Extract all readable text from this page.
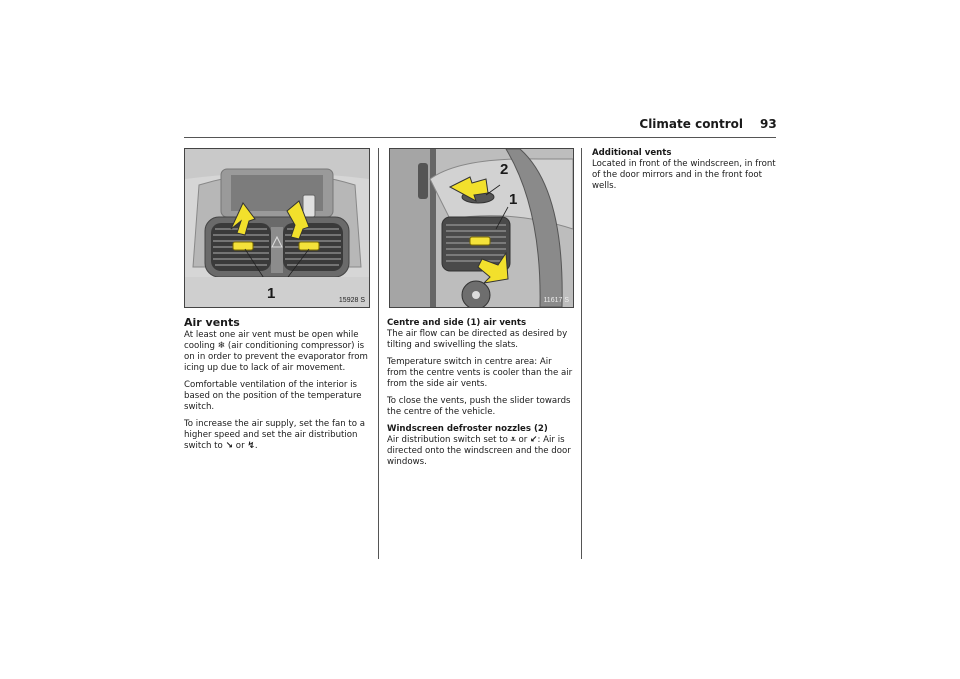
Climate control 93
1	15928 S
2
1
11617 S
Air vents

At least one air vent must be open while cooling ❄ (air conditioning compressor) is on in order to prevent the evaporator from icing up due to lack of air movement.

Comfortable ventilation of the interior is based on the position of the temperature switch.

To increase the air supply, set the fan to a higher speed and set the air distribution switch to ↘ or ↯.

Centre and side (1) air vents

The air flow can be directed as desired by tilting and swivelling the slats.

Temperature switch in centre area: Air from the centre vents is cooler than the air from the side air vents.

To close the vents, push the slider towards the centre of the vehicle.

Windscreen defroster nozzles (2)

Air distribution switch set to ⩡ or ↙: Air is directed onto the windscreen and the door windows.

Additional vents

Located in front of the windscreen, in front of the door mirrors and in the front foot wells.
